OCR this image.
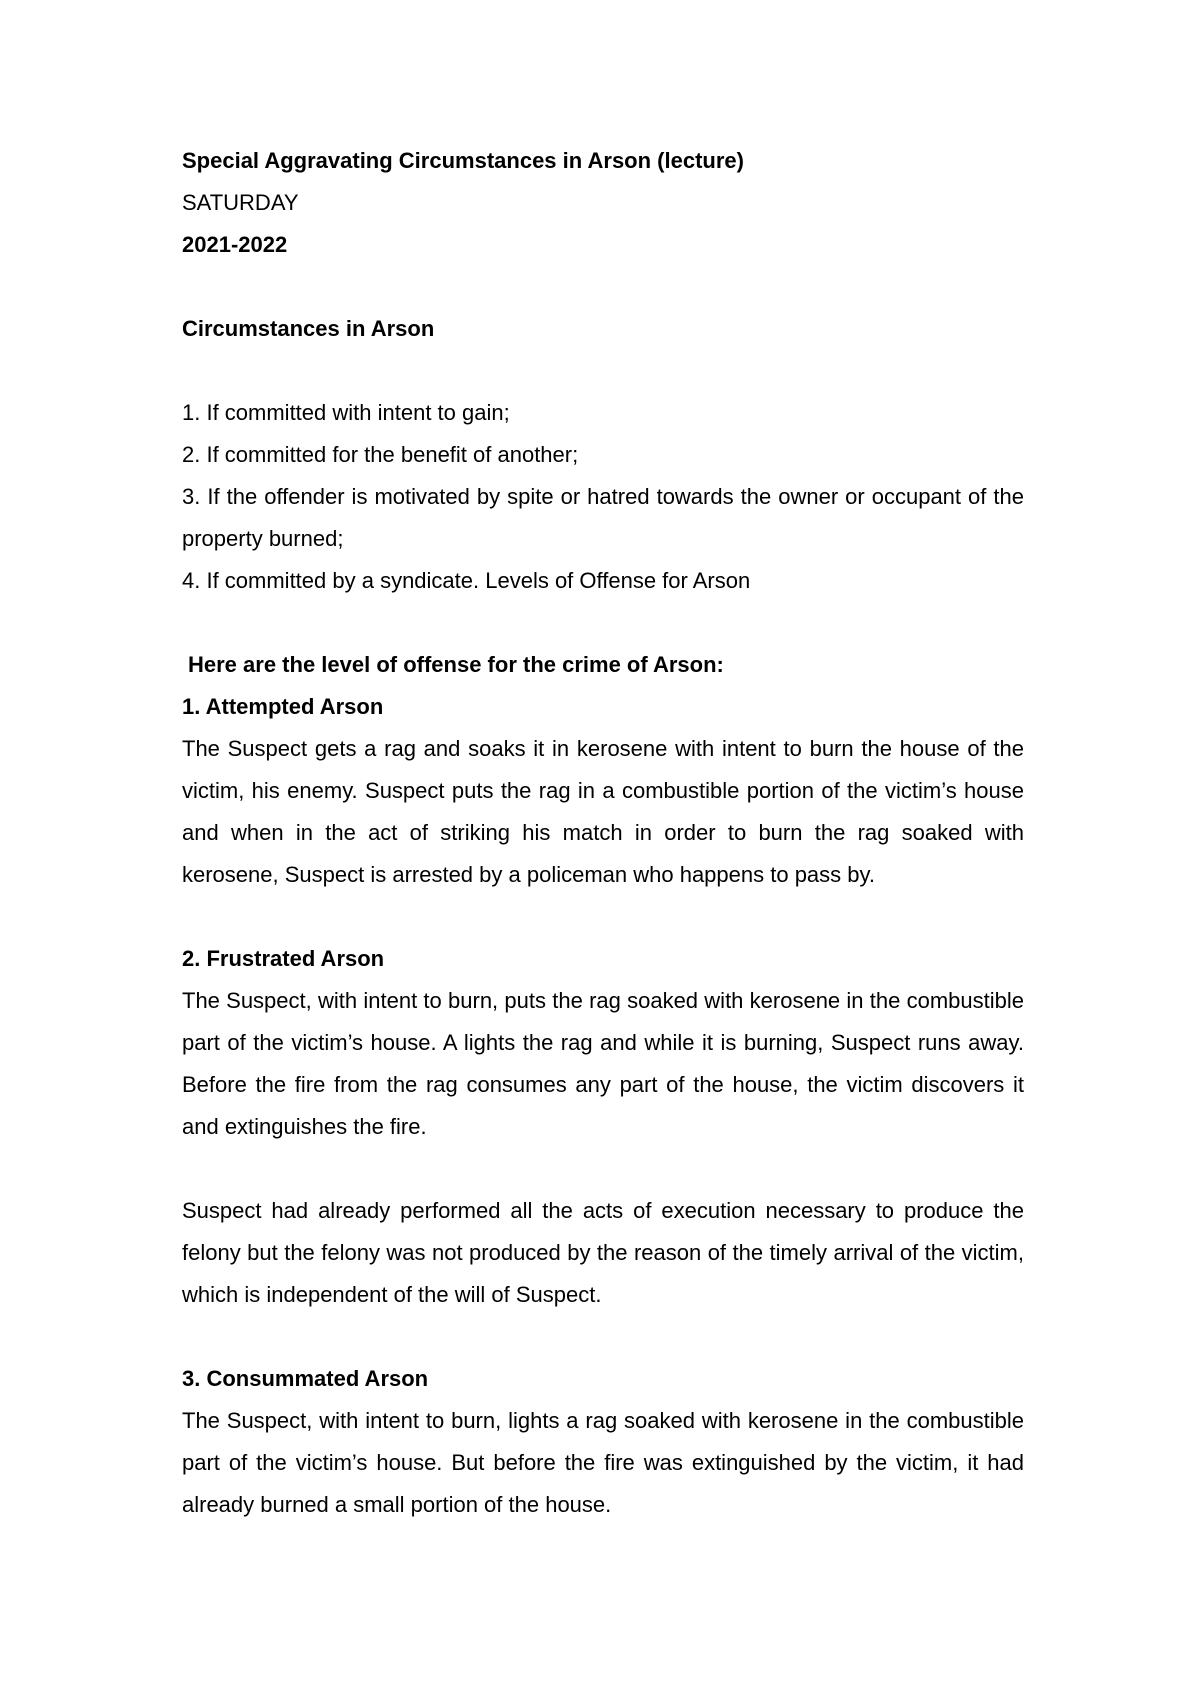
Special Aggravating Circumstances in Arson (lecture)

SATURDAY

2021-2022

Circumstances in Arson

1. If committed with intent to gain;

2. If committed for the benefit of another;

3. If the offender is motivated by spite or hatred towards the owner or occupant of the property burned;

4. If committed by a syndicate. Levels of Offense for Arson

Here are the level of offense for the crime of Arson:

1. Attempted Arson

The Suspect gets a rag and soaks it in kerosene with intent to burn the house of the victim, his enemy. Suspect puts the rag in a combustible portion of the victim’s house and when in the act of striking his match in order to burn the rag soaked with kerosene, Suspect is arrested by a policeman who happens to pass by.

2. Frustrated Arson

The Suspect, with intent to burn, puts the rag soaked with kerosene in the combustible part of the victim’s house. A lights the rag and while it is burning, Suspect runs away. Before the fire from the rag consumes any part of the house, the victim discovers it and extinguishes the fire.

Suspect had already performed all the acts of execution necessary to produce the felony but the felony was not produced by the reason of the timely arrival of the victim, which is independent of the will of Suspect.

3. Consummated Arson

The Suspect, with intent to burn, lights a rag soaked with kerosene in the combustible part of the victim’s house. But before the fire was extinguished by the victim, it had already burned a small portion of the house.
